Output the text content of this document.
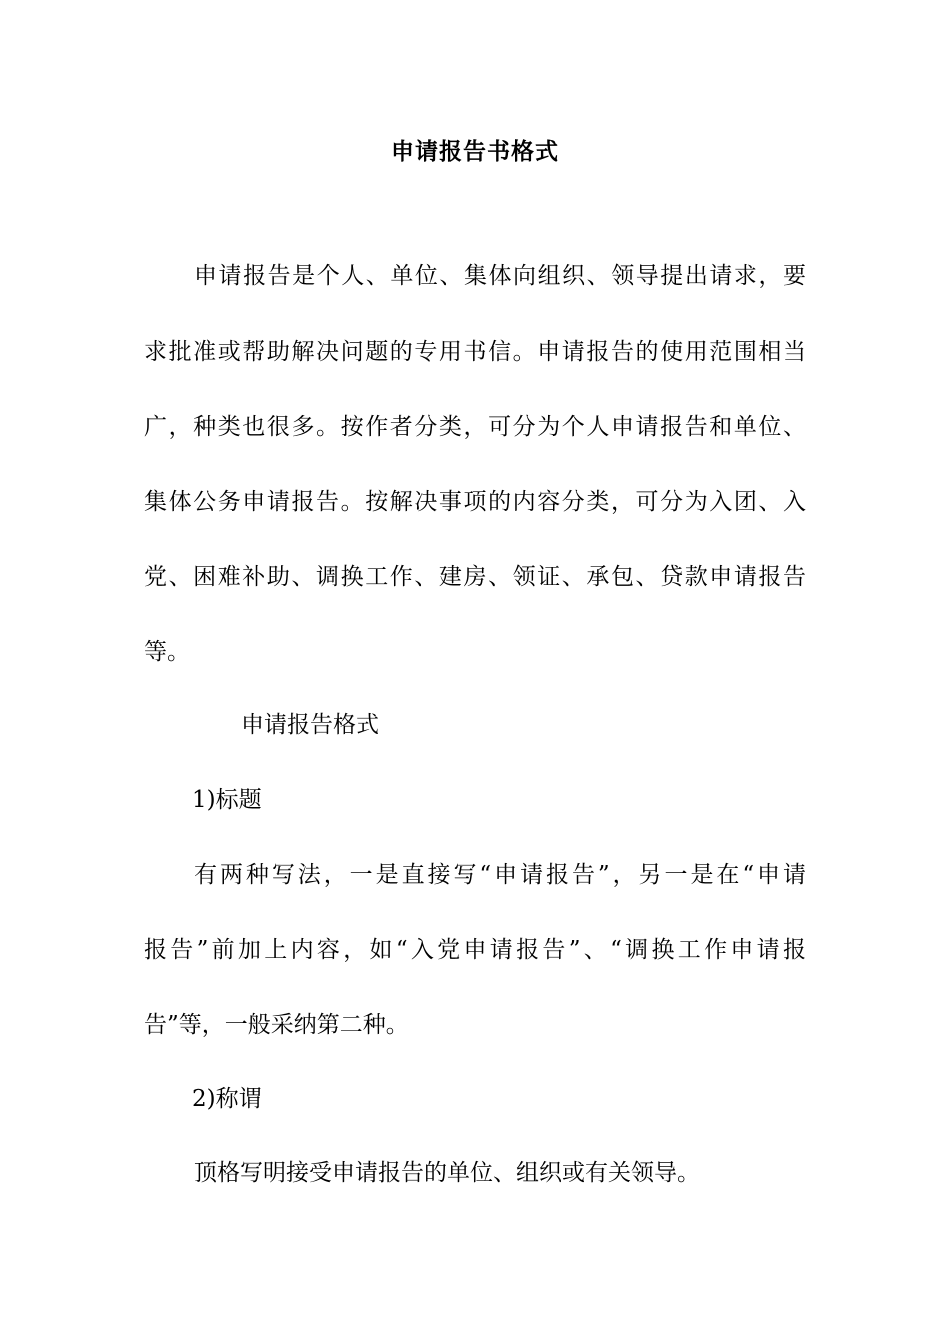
申请报告书格式
申请报告是个人、单位、集体向组织、领导提出请求，要
求批准或帮助解决问题的专用书信。申请报告的使用范围相当
广，种类也很多。按作者分类，可分为个人申请报告和单位、
集体公务申请报告。按解决事项的内容分类，可分为入团、入
党、困难补助、调换工作、建房、领证、承包、贷款申请报告
等。
申请报告格式
1)标题
有两种写法，一是直接写“申请报告”，另一是在“申请
报告”前加上内容，如“入党申请报告”、“调换工作申请报
告”等，一般采纳第二种。
2)称谓
顶格写明接受申请报告的单位、组织或有关领导。
